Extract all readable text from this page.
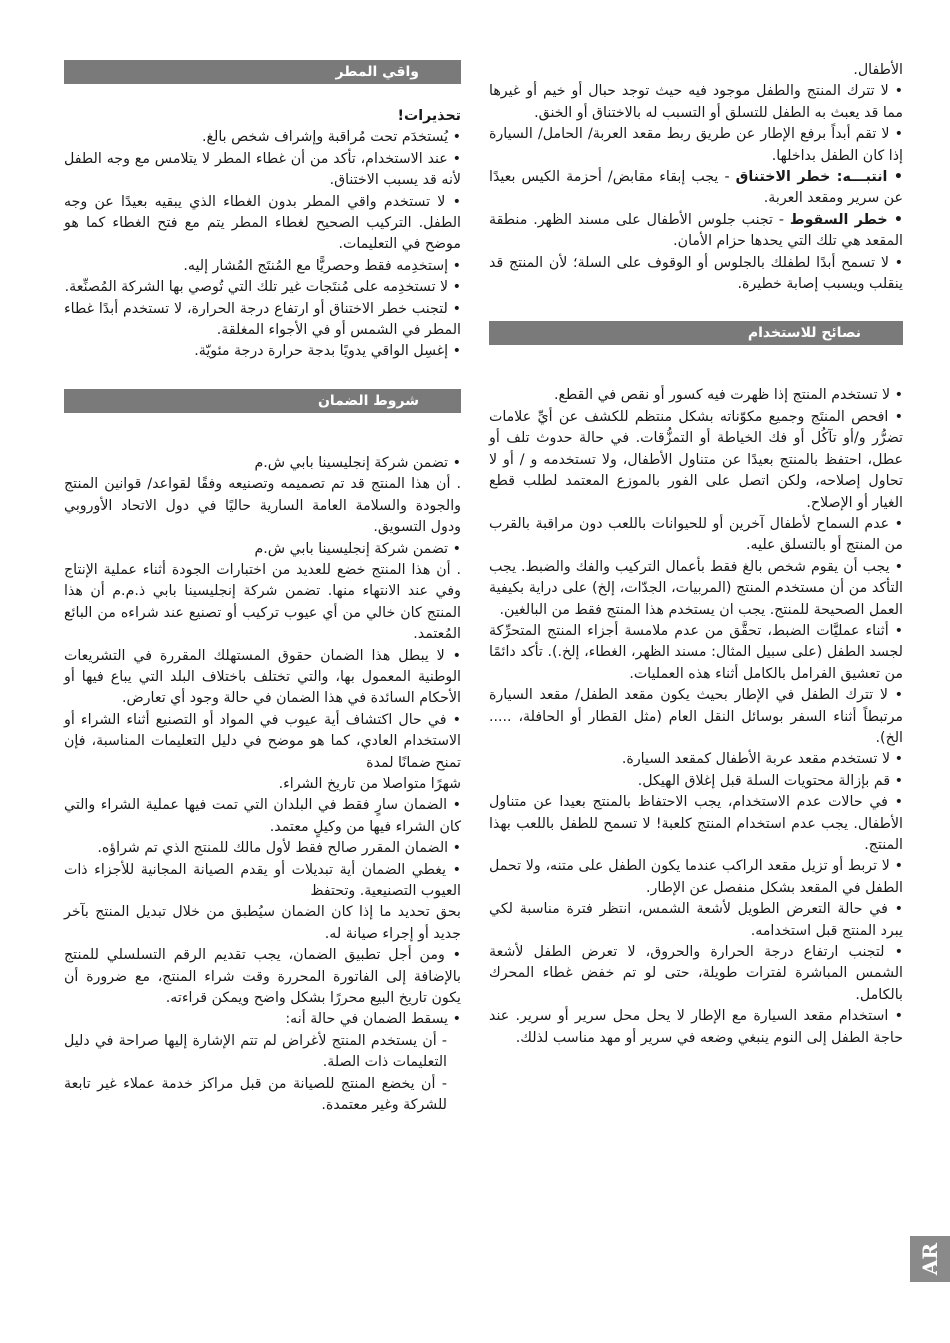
الأطفال.

• لا تترك المنتج والطفل موجود فيه حيث توجد حبال أو خيم أو غيرها مما قد يعبث به الطفل للتسلق أو التسبب له بالاختناق أو الخنق.

• لا تقم أبداً برفع الإطار عن طريق ربط مقعد العربة/ الحامل/ السيارة إذا كان الطفل بداخلها.

• انتبـــه: خطر الاختناق - يجب إبقاء مقابض/ أحزمة الكيس بعيدًا عن سرير ومقعد العربة.

• خطر السقوط - تجنب جلوس الأطفال على مسند الظهر. منطقة المقعد هي تلك التي يحدها حزام الأمان.

• لا تسمح أبدًا لطفلك بالجلوس أو الوقوف على السلة؛ لأن المنتج قد ينقلب ويسبب إصابة خطيرة.

نصائح للاستخدام

• لا تستخدم المنتج إذا ظهرت فيه كسور أو نقص في القطع.

• افحص المنتَج وجميع مكوّناته بشكل منتظم للكشف عن أيِّ علامات تضرُّر و/أو تآكُل أو فك الخياطة أو التمزُّقات. في حالة حدوث تلف أو عطل، احتفظ بالمنتج بعيدًا عن متناول الأطفال، ولا تستخدمه و / أو لا تحاول إصلاحه، ولكن اتصل على الفور بالموزع المعتمد لطلب قطع الغيار أو الإصلاح.

• عدم السماح لأطفال آخرين أو للحيوانات باللعب دون مراقبة بالقرب من المنتج أو بالتسلق عليه.

• يجب أن يقوم شخص بالغ فقط بأعمال التركيب والفك والضبط. يجب التأكد من أن مستخدم المنتج (المربيات، الجدّات، إلخ) على دراية بكيفية العمل الصحيحة للمنتج. يجب ان يستخدم هذا المنتج فقط من البالغين.

• أثناء عمليَّات الضبط، تحقَّق من عدم ملامسة أجزاء المنتج المتحرِّكة لجسد الطفل (على سبيل المثال: مسند الظهر، الغطاء، إلخ.). تأكد دائمًا من تعشيق الفرامل بالكامل أثناء هذه العمليات.

• لا تترك الطفل في الإطار بحيث يكون مقعد الطفل/ مقعد السيارة مرتبطاً أثناء السفر بوسائل النقل العام (مثل القطار أو الحافلة، ..... الخ).

• لا تستخدم مقعد عربة الأطفال كمقعد السيارة.

• قم بإزالة محتويات السلة قبل إغلاق الهيكل.

• في حالات عدم الاستخدام، يجب الاحتفاظ بالمنتج بعيدا عن متناول الأطفال. يجب عدم استخدام المنتج كلعبة! لا تسمح للطفل باللعب بهذا المنتج.

• لا تربط أو تزيل مقعد الراكب عندما يكون الطفل على متنه، ولا تحمل الطفل في المقعد بشكل منفصل عن الإطار.

• في حالة التعرض الطويل لأشعة الشمس، انتظر فترة مناسبة لكي يبرد المنتج قبل استخدامه.

• لتجنب ارتفاع درجة الحرارة والحروق، لا تعرض الطفل لأشعة الشمس المباشرة لفترات طويلة، حتى لو تم خفض غطاء المحرك بالكامل.

• استخدام مقعد السيارة مع الإطار لا يحل محل سرير أو سرير. عند حاجة الطفل إلى النوم ينبغي وضعه في سرير أو مهد مناسب لذلك.

واقي المطر

تحذيرات!

• يُستخدَم تحت مُراقبة وإشراف شخص بالغ.

• عند الاستخدام، تأكد من أن غطاء المطر لا يتلامس مع وجه الطفل لأنه قد يسبب الاختناق.

• لا تستخدم واقي المطر بدون الغطاء الذي يبقيه بعيدًا عن وجه الطفل. التركيب الصحيح لغطاء المطر يتم مع فتح الغطاء كما هو موضح في التعليمات.

• إستخدِمه فقط وحصريًّا مع المُنتَج المُشار إليه.

• لا تستخدِمه على مُنتَجات غير تلك التي تُوصي بها الشركة المُصنِّعة.

• لتجنب خطر الاختناق أو ارتفاع درجة الحرارة، لا تستخدم أبدًا غطاء المطر في الشمس أو في الأجواء المغلقة.

• إغسِل الواقي يدويًا بدجة حرارة درجة مئويّة.

شروط الضمان

• تضمن شركة إنجليسينا بابي ش.م

. أن هذا المنتج قد تم تصميمه وتصنيعه وفقًا لقواعد/ قوانين المنتج والجودة والسلامة العامة السارية حاليًا في دول الاتحاد الأوروبي ودول التسويق.

• تضمن شركة إنجليسينا بابي ش.م

. أن هذا المنتج خضع للعديد من اختبارات الجودة أثناء عملية الإنتاج وفي عند الانتهاء منها. تضمن شركة إنجليسينا بابي ذ.م.م أن هذا المنتج كان خالي من أي عيوب تركيب أو تصنيع عند شراءه من البائع المُعتمد.

• لا يبطل هذا الضمان حقوق المستهلك المقررة في التشريعات الوطنية المعمول بها، والتي تختلف باختلاف البلد التي يباع فيها أو الأحكام السائدة في هذا الضمان في حالة وجود أي تعارض.

• في حال اكتشاف أية عيوب في المواد أو التصنيع أثناء الشراء أو الاستخدام العادي، كما هو موضح في دليل التعليمات المناسبة، فإن تمنح ضمانًا لمدة

شهرًا متواصلا من تاريخ الشراء.

• الضمان سارٍ فقط في البلدان التي تمت فيها عملية الشراء والتي كان الشراء فيها من وكيلٍ معتمد.

• الضمان المقرر صالح فقط لأول مالك للمنتج الذي تم شراؤه.

• يغطي الضمان أية تبديلات أو يقدم الصيانة المجانية للأجزاء ذات العيوب التصنيعية. وتحتفظ

بحق تحديد ما إذا كان الضمان سيُطبق من خلال تبديل المنتج بآخر جديد أو إجراء صيانة له.

• ومن أجل تطبيق الضمان، يجب تقديم الرقم التسلسلي للمنتج بالإضافة إلى الفاتورة المحررة وقت شراء المنتج، مع ضرورة أن يكون تاريخ البيع محررًا بشكل واضح ويمكن قراءته.

• يسقط الضمان في حالة أنه:

- أن يستخدم المنتج لأغراض لم تتم الإشارة إليها صراحة في دليل التعليمات ذات الصلة.

- أن يخضع المنتج للصيانة من قبل مراكز خدمة عملاء غير تابعة للشركة وغير معتمدة.

AR
